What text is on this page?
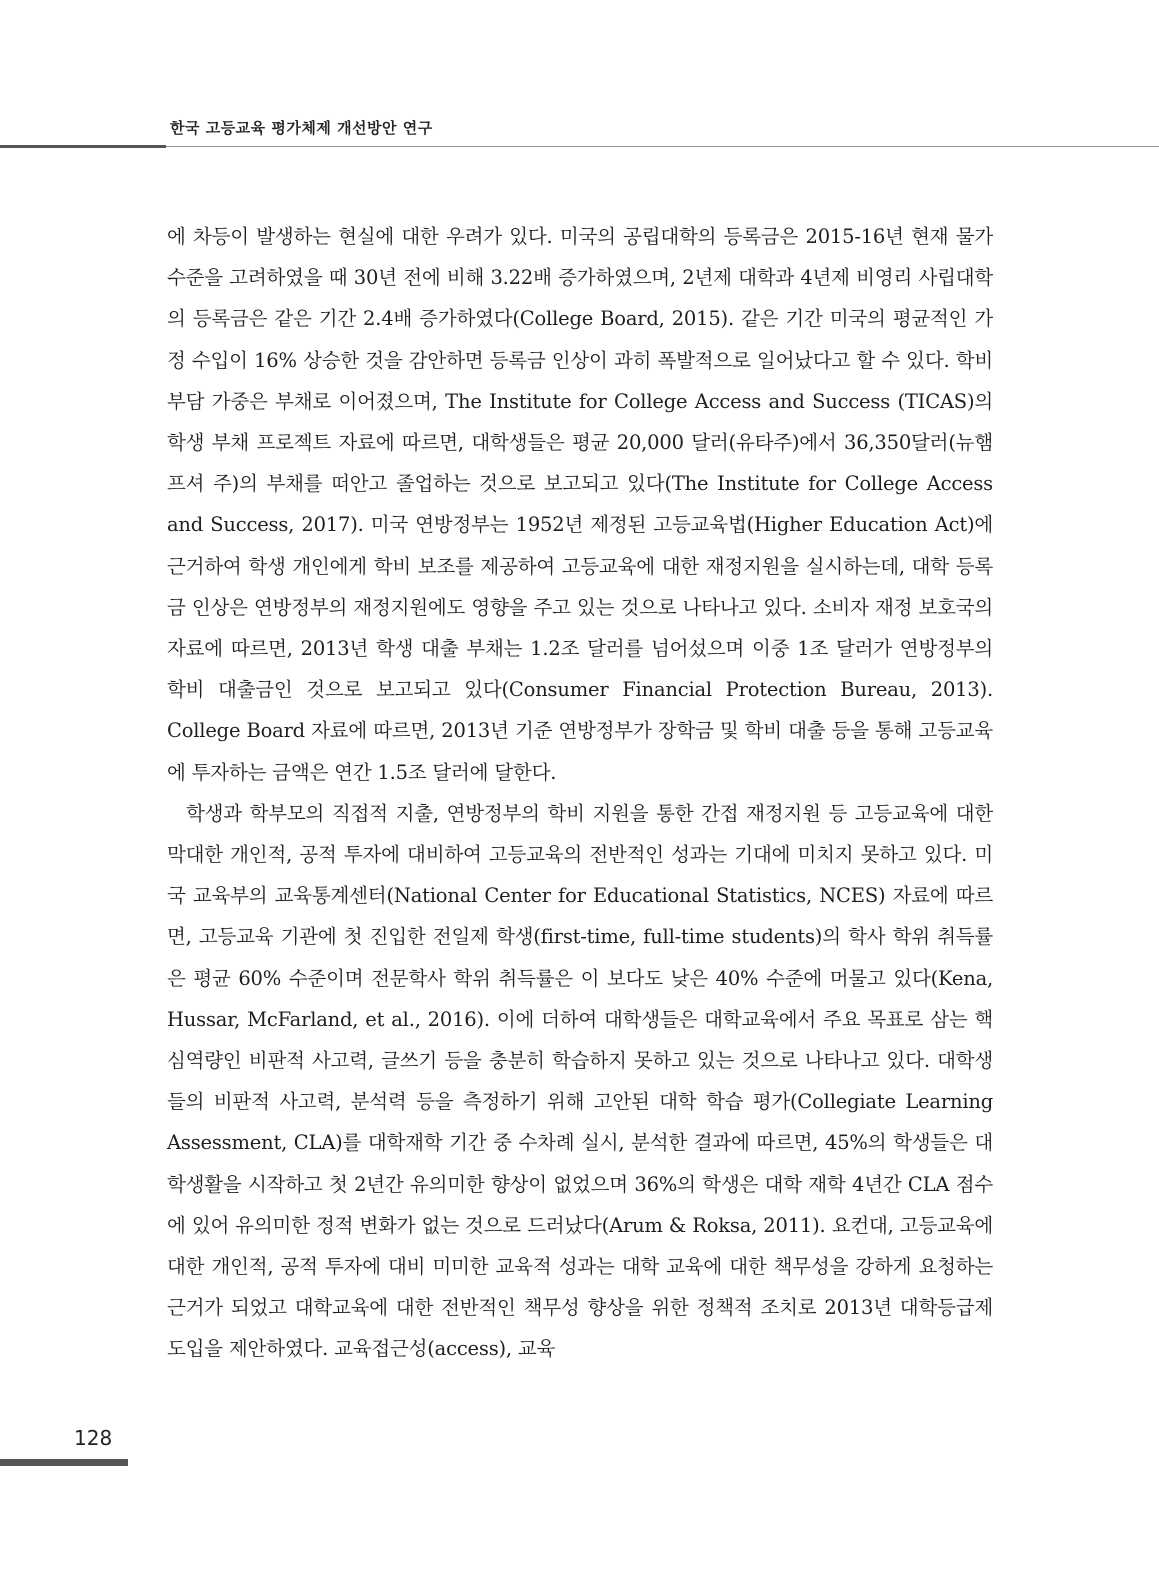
한국 고등교육 평가체제 개선방안 연구

에 차등이 발생하는 현실에 대한 우려가 있다. 미국의 공립대학의 등록금은 2015-16년 현재 물가수준을 고려하였을 때 30년 전에 비해 3.22배 증가하였으며, 2년제 대학과 4년제 비영리 사립대학의 등록금은 같은 기간 2.4배 증가하였다(College Board, 2015). 같은 기간 미국의 평균적인 가정 수입이 16% 상승한 것을 감안하면 등록금 인상이 과히 폭발적으로 일어났다고 할 수 있다. 학비 부담 가중은 부채로 이어졌으며, The Institute for College Access and Success (TICAS)의 학생 부채 프로젝트 자료에 따르면, 대학생들은 평균 20,000 달러(유타주)에서 36,350달러(뉴햄프셔 주)의 부채를 떠안고 졸업하는 것으로 보고되고 있다(The Institute for College Access and Success, 2017). 미국 연방정부는 1952년 제정된 고등교육법(Higher Education Act)에 근거하여 학생 개인에게 학비 보조를 제공하여 고등교육에 대한 재정지원을 실시하는데, 대학 등록금 인상은 연방정부의 재정지원에도 영향을 주고 있는 것으로 나타나고 있다. 소비자 재정 보호국의 자료에 따르면, 2013년 학생 대출 부채는 1.2조 달러를 넘어섰으며 이중 1조 달러가 연방정부의 학비 대출금인 것으로 보고되고 있다(Consumer Financial Protection Bureau, 2013). College Board 자료에 따르면, 2013년 기준 연방정부가 장학금 및 학비 대출 등을 통해 고등교육에 투자하는 금액은 연간 1.5조 달러에 달한다.

학생과 학부모의 직접적 지출, 연방정부의 학비 지원을 통한 간접 재정지원 등 고등교육에 대한 막대한 개인적, 공적 투자에 대비하여 고등교육의 전반적인 성과는 기대에 미치지 못하고 있다. 미국 교육부의 교육통계센터(National Center for Educational Statistics, NCES) 자료에 따르면, 고등교육 기관에 첫 진입한 전일제 학생(first-time, full-time students)의 학사 학위 취득률은 평균 60% 수준이며 전문학사 학위 취득률은 이 보다도 낮은 40% 수준에 머물고 있다(Kena, Hussar, McFarland, et al., 2016). 이에 더하여 대학생들은 대학교육에서 주요 목표로 삼는 핵심역량인 비판적 사고력, 글쓰기 등을 충분히 학습하지 못하고 있는 것으로 나타나고 있다. 대학생들의 비판적 사고력, 분석력 등을 측정하기 위해 고안된 대학 학습 평가(Collegiate Learning Assessment, CLA)를 대학재학 기간 중 수차례 실시, 분석한 결과에 따르면, 45%의 학생들은 대학생활을 시작하고 첫 2년간 유의미한 향상이 없었으며 36%의 학생은 대학 재학 4년간 CLA 점수에 있어 유의미한 정적 변화가 없는 것으로 드러났다(Arum & Roksa, 2011). 요컨대, 고등교육에 대한 개인적, 공적 투자에 대비 미미한 교육적 성과는 대학 교육에 대한 책무성을 강하게 요청하는 근거가 되었고 대학교육에 대한 전반적인 책무성 향상을 위한 정책적 조치로 2013년 대학등급제 도입을 제안하였다. 교육접근성(access), 교육

128
